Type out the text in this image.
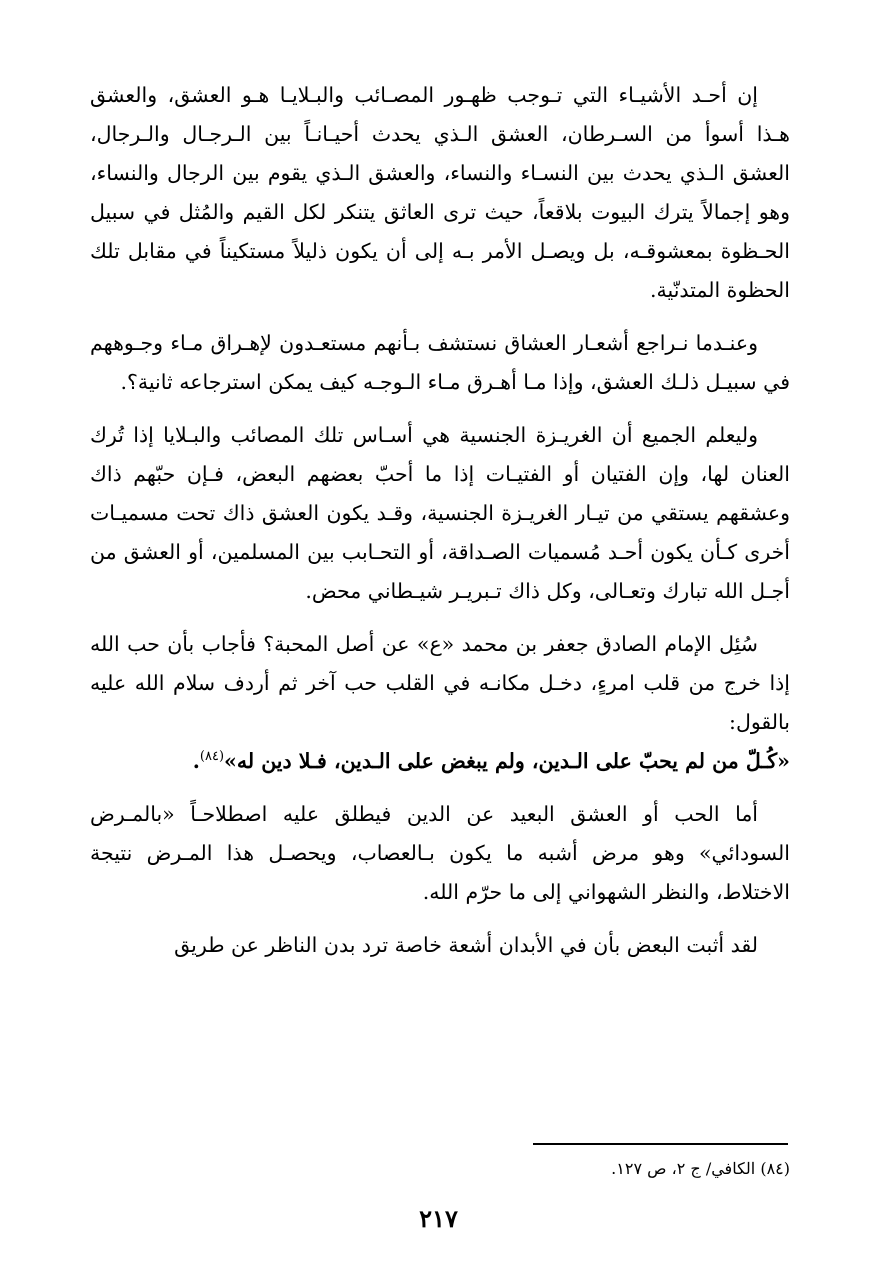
إن أحـد الأشيـاء التي تـوجب ظهـور المصـائب والبـلايـا هـو العشق، والعشق هـذا أسوأ من السـرطان، العشق الـذي يحدث أحيـانـاً بين الـرجـال والـرجال، العشق الـذي يحدث بين النسـاء والنساء، والعشق الـذي يقوم بين الرجال والنساء، وهو إجمالاً يترك البيوت بلاقعاً، حيث ترى العاثق يتنكر لكل القيم والمُثل في سبيل الحـظوة بمعشوقـه، بل ويصـل الأمر بـه إلى أن يكون ذليلاً مستكيناً في مقابل تلك الحظوة المتدنّية.

وعنـدما نـراجع أشعـار العشاق نستشف بـأنهم مستعـدون لإهـراق مـاء وجـوههم في سبيـل ذلـك العشق، وإذا مـا أهـرق مـاء الـوجـه كيف يمكن استرجاعه ثانية؟.

وليعلم الجميع أن الغريـزة الجنسية هي أسـاس تلك المصائب والبـلايا إذا تُرك العنان لها، وإن الفتيان أو الفتيـات إذا ما أحبّ بعضهم البعض، فـإن حبّهم ذاك وعشقهم يستقي من تيـار الغريـزة الجنسية، وقـد يكون العشق ذاك تحت مسميـات أخرى كـأن يكون أحـد مُسميات الصـداقة، أو التحـابب بين المسلمين، أو العشق من أجـل الله تبارك وتعـالى، وكل ذاك تـبريـر شيـطاني محض.

سُئِل الإمام الصادق جعفر بن محمد «ع» عن أصل المحبة؟ فأجاب بأن حب الله إذا خرج من قلب امرءٍ، دخـل مكانـه في القلب حب آخر ثم أردف سلام الله عليه بالقول:

«كُـلّ من لم يحبّ على الـدين، ولم يبغض على الـدين، فـلا دين له»$^{(٨٤)}$.

أما الحب أو العشق البعيد عن الدين فيطلق عليه اصطلاحـاً «بالمـرض السودائي» وهو مرض أشبه ما يكون بـالعصاب، ويحصـل هذا المـرض نتيجة الاختلاط، والنظر الشهواني إلى ما حرّم الله.

لقد أثبت البعض بأن في الأبدان أشعة خاصة ترد بدن الناظر عن طريق

(٨٤) الكافي/ ج ٢، ص ١٢٧.
٢١٧
